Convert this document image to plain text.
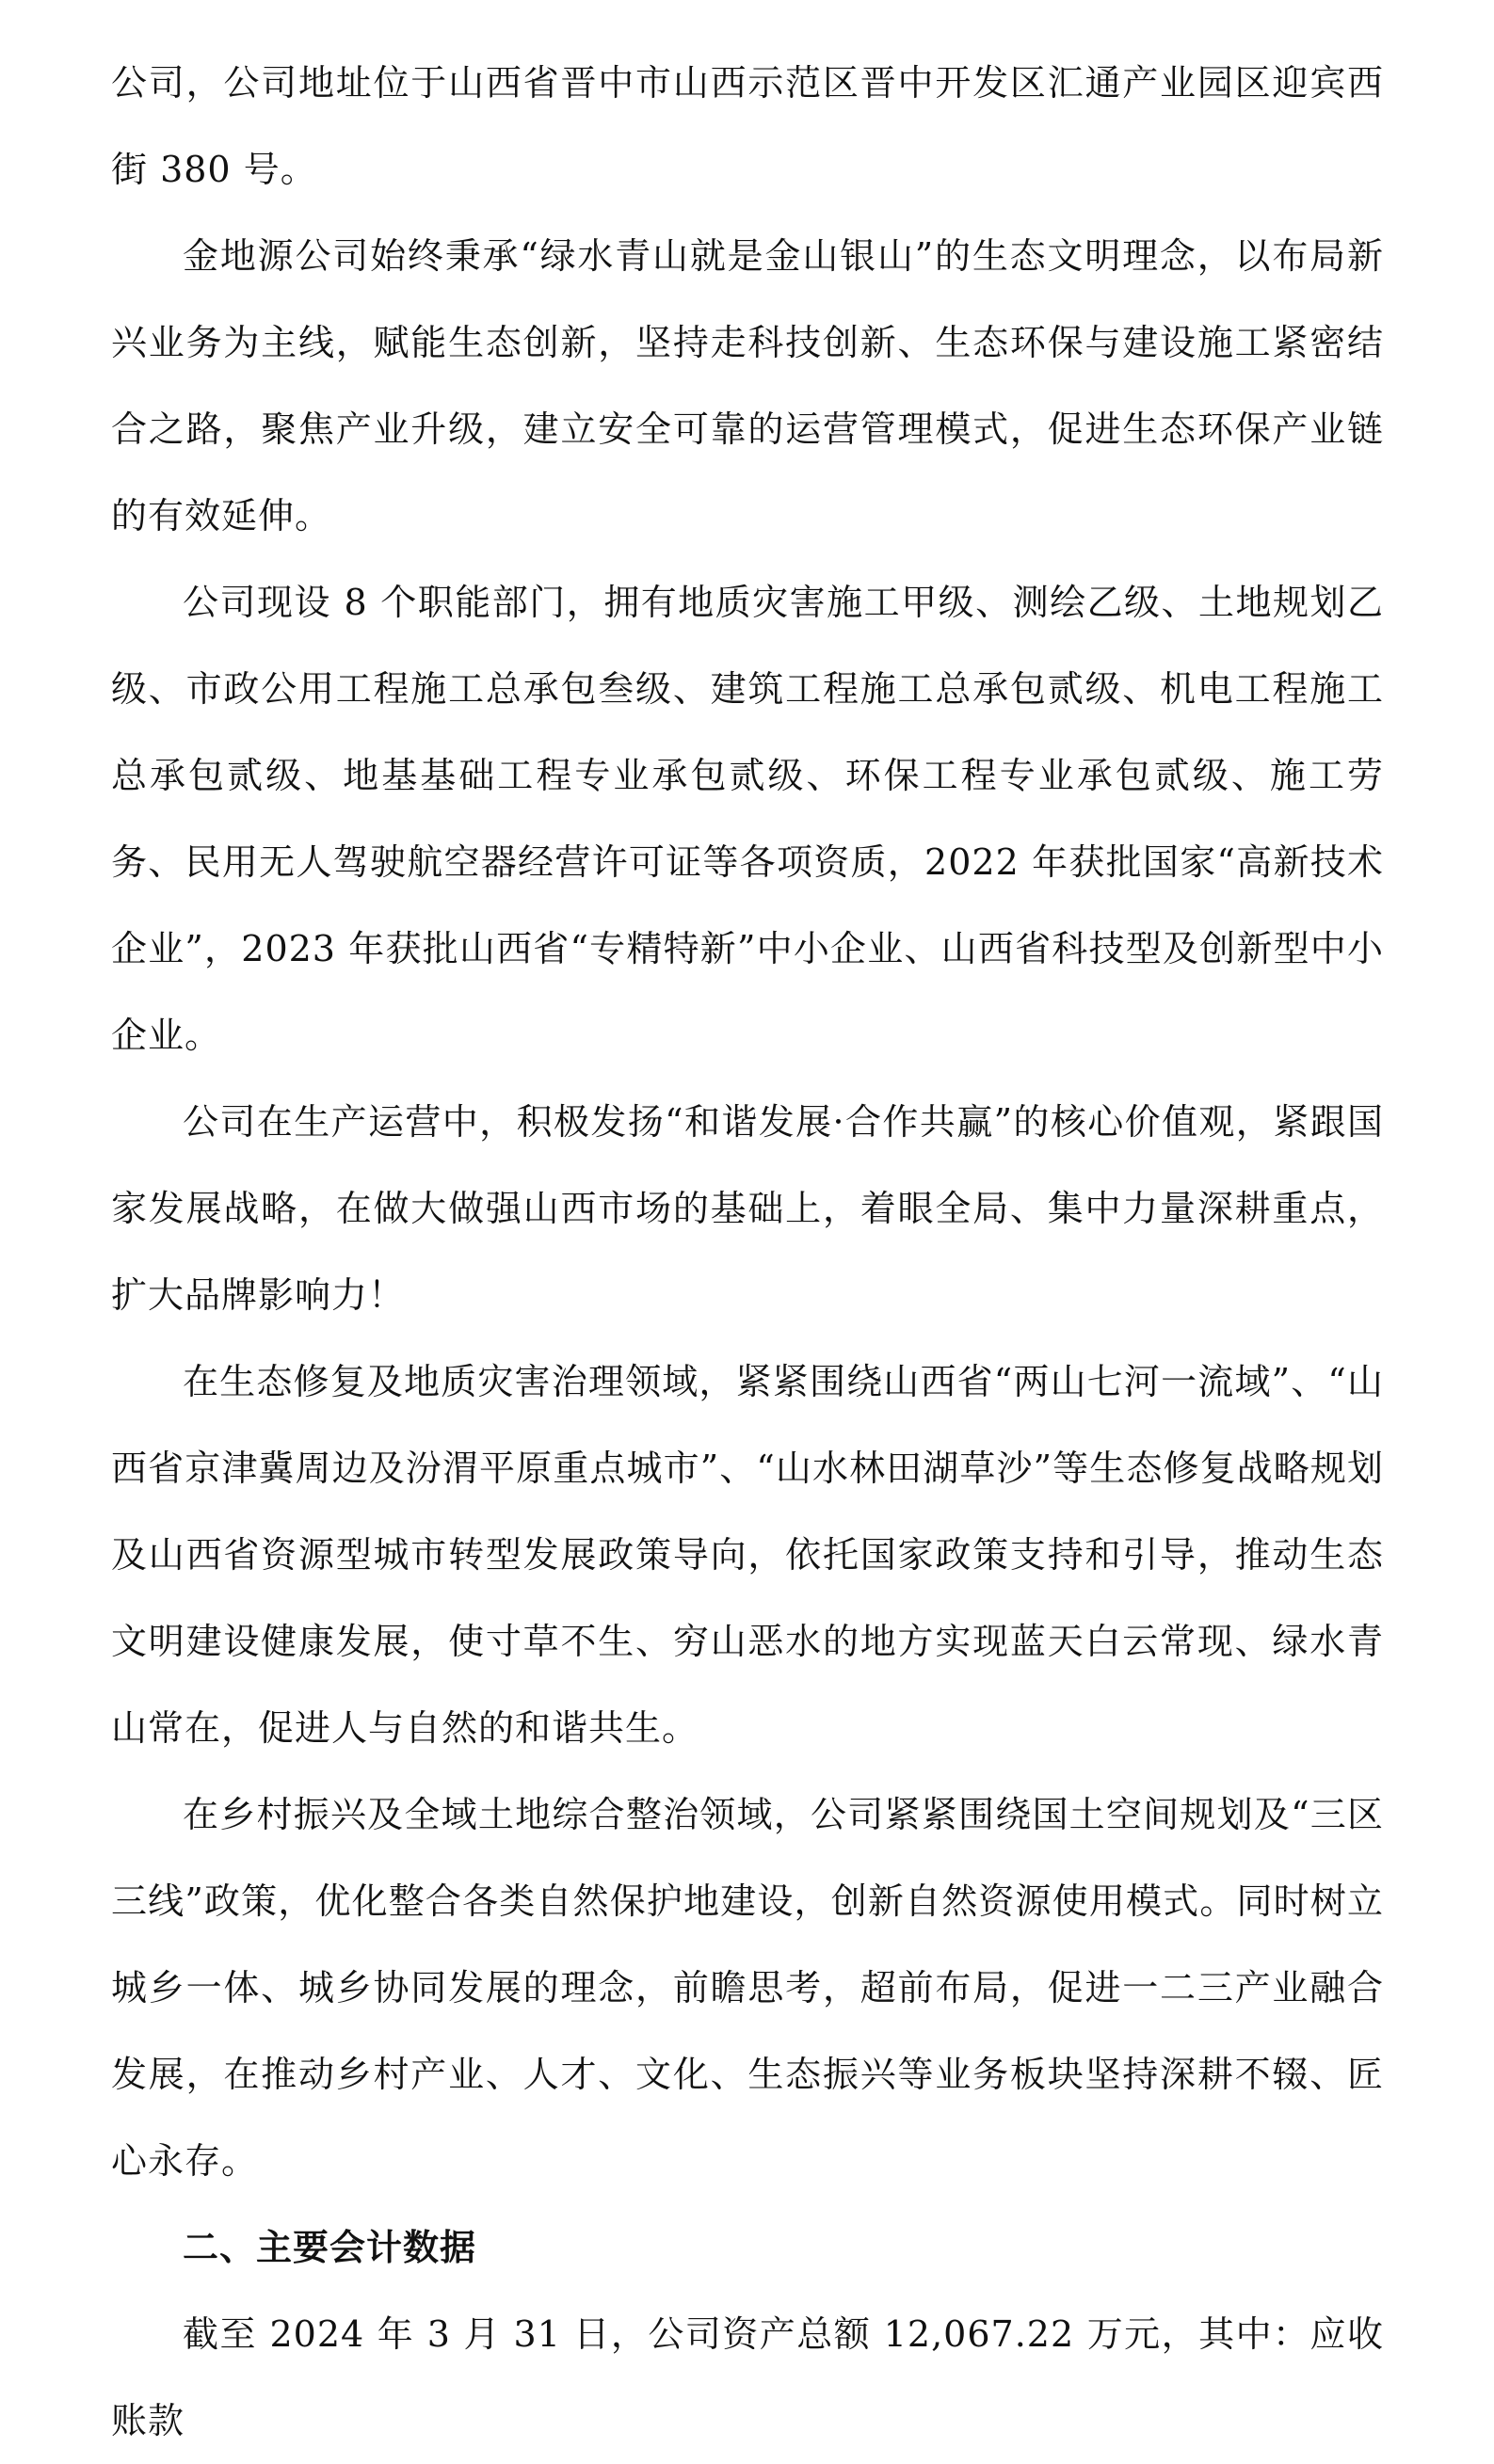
公司，公司地址位于山西省晋中市山西示范区晋中开发区汇通产业园区迎宾西街 380 号。

金地源公司始终秉承“绿水青山就是金山银山”的生态文明理念，以布局新兴业务为主线，赋能生态创新，坚持走科技创新、生态环保与建设施工紧密结合之路，聚焦产业升级，建立安全可靠的运营管理模式，促进生态环保产业链的有效延伸。

公司现设 8 个职能部门，拥有地质灾害施工甲级、测绘乙级、土地规划乙级、市政公用工程施工总承包叁级、建筑工程施工总承包贰级、机电工程施工总承包贰级、地基基础工程专业承包贰级、环保工程专业承包贰级、施工劳务、民用无人驾驶航空器经营许可证等各项资质，2022 年获批国家“高新技术企业”，2023 年获批山西省“专精特新”中小企业、山西省科技型及创新型中小企业。

公司在生产运营中，积极发扬“和谐发展·合作共赢”的核心价值观，紧跟国家发展战略，在做大做强山西市场的基础上，着眼全局、集中力量深耕重点，扩大品牌影响力！

在生态修复及地质灾害治理领域，紧紧围绕山西省“两山七河一流域”、“山西省京津冀周边及汾渭平原重点城市”、“山水林田湖草沙”等生态修复战略规划及山西省资源型城市转型发展政策导向，依托国家政策支持和引导，推动生态文明建设健康发展，使寸草不生、穷山恶水的地方实现蓝天白云常现、绿水青山常在，促进人与自然的和谐共生。

在乡村振兴及全域土地综合整治领域，公司紧紧围绕国土空间规划及“三区三线”政策，优化整合各类自然保护地建设，创新自然资源使用模式。同时树立城乡一体、城乡协同发展的理念，前瞻思考，超前布局，促进一二三产业融合发展，在推动乡村产业、人才、文化、生态振兴等业务板块坚持深耕不辍、匠心永存。

二、主要会计数据

截至 2024 年 3 月 31 日，公司资产总额 12,067.22 万元，其中：应收账款
